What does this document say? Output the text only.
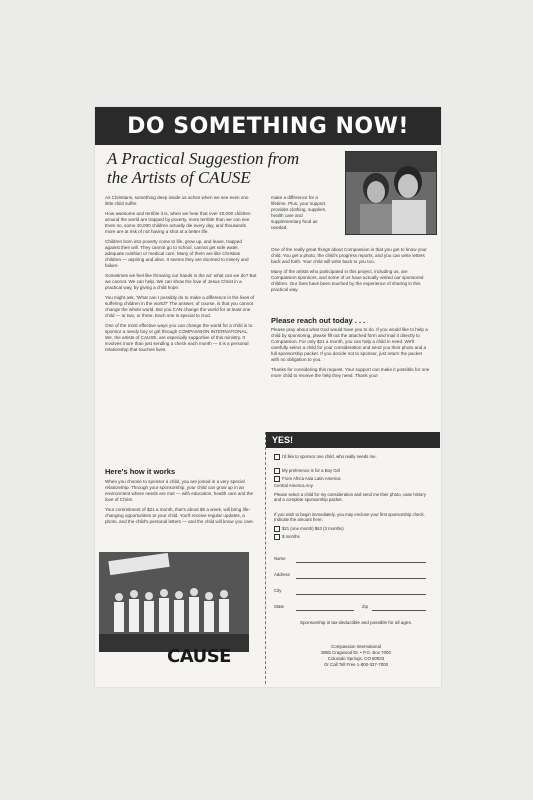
DO SOMETHING NOW!
A Practical Suggestion from
the Artists of CAUSE

As Christians, something deep inside us aches when we see even one little child suffer.

How awesome and terrible it is, when we hear that over 40,000 children around the world are trapped by poverty, more terrible than we can see. Even so, some 40,000 children actually die every day, and thousands more are at risk of not having a shot at a better life.

Children born into poverty come to life, grow up, and leave, trapped against their will. They cannot go to school, cannot get safe water, adequate nutrition or medical care. Many of them are like Christian children — aspiring and alive. It seems they are doomed to misery and failure.

Sometimes we feel like throwing our hands in the air: what can we do? But we cannot. We can help. We can show the love of Jesus Christ in a practical way, by giving a child hope.

You might ask, 'What can I possibly do to make a difference in the lives of suffering children in the world?' The answer, of course, is that you cannot change the whole world. But you CAN change the world for at least one child — or two, or three. Each one is special to God.

One of the most effective ways you can change the world for a child is to sponsor a needy boy or girl through COMPASSION INTERNATIONAL. We, the artists of CAUSE, are especially supportive of this ministry. It involves more than just sending a check each month — it is a personal relationship that touches lives.

make a difference for a lifetime. Plus, your support provides clothing, supplies, health care and supplementary food as needed.

One of the really great things about Compassion is that you get to know your child. You get a photo, the child's progress reports, and you can write letters back and forth. Your child will write back to you too.

Many of the artists who participated in this project, including us, are Compassion sponsors, and some of us have actually visited our sponsored children. Our lives have been touched by the experience of sharing in this practical way.

Please reach out today . . .

Please pray about what God would have you to do. If you would like to help a child by sponsoring, please fill out the attached form and mail it directly to Compassion. For only $21 a month, you can help a child in need. We'll carefully select a child for your consideration and send you their photo and a full sponsorship packet. If you decide not to sponsor, just return the packet with no obligation to you.

Thanks for considering this request. Your support can make it possible for one more child to receive the help they need. Thank you!

Here's how it works

When you choose to sponsor a child, you are joined in a very special relationship. Through your sponsorship, your child can grow up in an environment where needs are met — with education, health care and the love of Christ.

Your commitment of $21 a month, that's about $5 a week, will bring life-changing opportunities to your child. You'll receive regular updates, a photo, and the child's personal letters — and the child will know you care.

CAUSE
YES!
I'd like to sponsor one child, who really needs me.
My preference is for a Boy Girl
From Africa Asia Latin America
Central America Any
Please select a child for my consideration and send me their photo, case history and a complete sponsorship packet.
If you wish to begin immediately, you may enclose your first sponsorship check. Indicate the amount here:
$21 (one month) $63 (3 months)
$ months
Name
Address
City
State	Zip
Sponsorship is tax-deductible and possible for all ages.
Compassion International
3955 Cragwood Dr. • P.O. Box 7000
Colorado Springs, CO 80933
Or Call Toll Free 1-800-337-7000
